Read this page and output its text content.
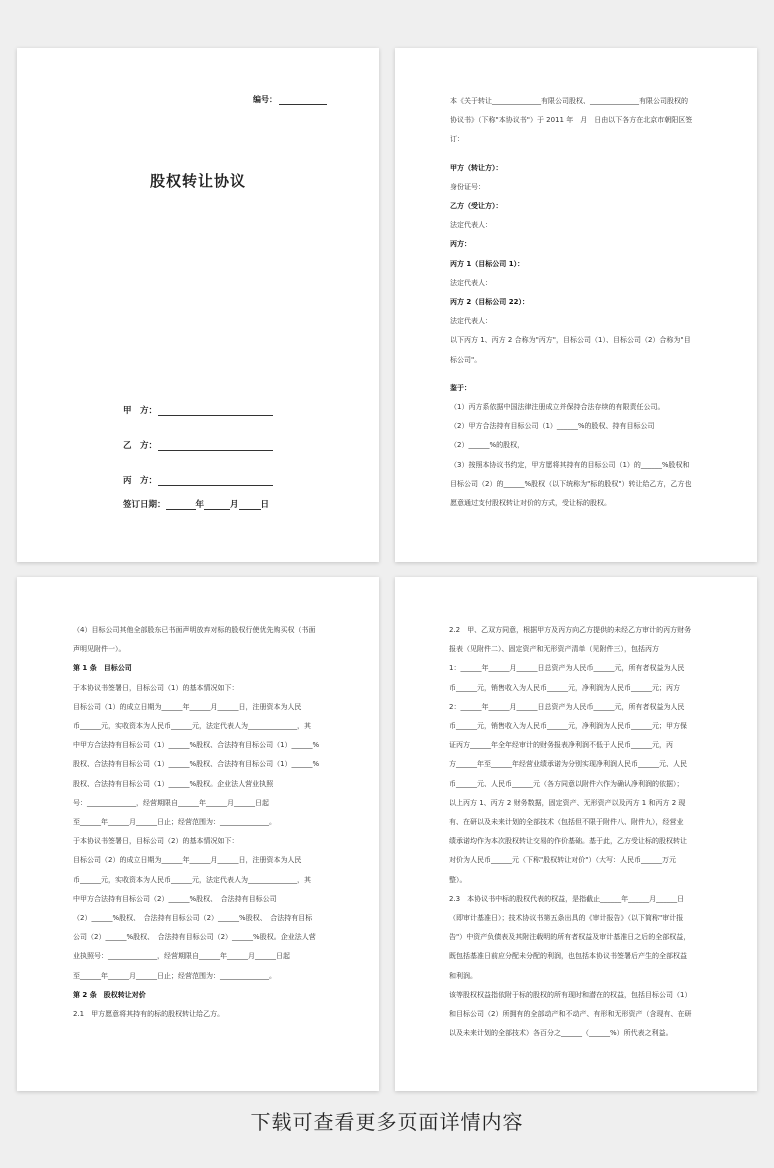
编号：
股权转让协议
甲　方：
乙　方：
丙　方：
签订日期：	年	月	日
本《关于转让______________有限公司股权、______________有限公司股权的
协议书》（下称"本协议书"）于 2011 年　月　日由以下各方在北京市朝阳区签
订：
甲方（转让方）：
身份证号：
乙方（受让方）：
法定代表人：
丙方：
丙方 1（目标公司 1）：
法定代表人：
丙方 2（目标公司 22）：
法定代表人：
以下丙方 1、丙方 2 合称为"丙方"，目标公司（1）、目标公司（2）合称为"目
标公司"。
鉴于：
（1）丙方系依据中国法律注册成立并保持合法存续的有限责任公司。
（2）甲方合法持有目标公司（1）______%的股权、持有目标公司
（2）______%的股权，
（3）按照本协议书约定，甲方愿将其持有的目标公司（1）的______%股权和
目标公司（2）的______%股权（以下统称为"标的股权"）转让给乙方，乙方也
愿意通过支付股权转让对价的方式，受让标的股权。
（4）目标公司其他全部股东已书面声明放弃对标的股权行使优先购买权（书面
声明见附件一）。
第 1 条　目标公司
于本协议书签署日，目标公司（1）的基本情况如下：
目标公司（1）的成立日期为______年______月______日，注册资本为人民
币______元，实收资本为人民币______元，法定代表人为______________，其
中甲方合法持有目标公司（1）______%股权、合法持有目标公司（1）______%
股权、合法持有目标公司（1）______%股权、合法持有目标公司（1）______%
股权、合法持有目标公司（1）______%股权。企业法人营业执照
号：______________，经营期限自______年______月______日起
至______年______月______日止；经营范围为：______________。
于本协议书签署日，目标公司（2）的基本情况如下：
目标公司（2）的成立日期为______年______月______日，注册资本为人民
币______元，实收资本为人民币______元，法定代表人为______________，其
中甲方合法持有目标公司（2）______%股权、　合法持有目标公司
（2）______%股权、　合法持有目标公司（2）______%股权、　合法持有目标
公司（2）______%股权、　合法持有目标公司（2）______%股权。企业法人营
业执照号：______________，经营期限自______年______月______日起
至______年______月______日止；经营范围为：______________。
第 2 条　股权转让对价
2.1　甲方愿意将其持有的标的股权转让给乙方。
2.2　甲、乙双方同意，根据甲方及丙方向乙方提供的未经乙方审计的丙方财务
报表（见附件二）、固定资产和无形资产清单（见附件三），包括丙方
1：______年______月______日总资产为人民币______元，所有者权益为人民
币______元，销售收入为人民币______元，净利润为人民币______元；丙方
2：______年______月______日总资产为人民币______元，所有者权益为人民
币______元，销售收入为人民币______元，净利润为人民币______元；甲方保
证丙方______年全年经审计的财务报表净利润不低于人民币______元，丙
方______年至______年经营业绩承诺为分别实现净利润人民币______元、人民
币______元、人民币______元（各方同意以附件六作为确认净利润的依据）；
以上丙方 1、丙方 2 财务数据，固定资产、无形资产以及丙方 1 和丙方 2 现
有、在研以及未来计划的全部技术（包括但不限于附件八、附件九），经营业
绩承诺均作为本次股权转让交易的作价基础。基于此，乙方受让标的股权转让
对价为人民币______元（下称"股权转让对价"）（大写：人民币______万元
整）。
2.3　本协议书中标的股权代表的权益，是指截止______年______月______日
（即审计基准日）；技术协议书第五条出具的《审计报告》（以下简称"审计报
告"）中资产负债表及其附注载明的所有者权益及审计基准日之后的全部权益，
既包括基准日前应分配未分配的利润，也包括本协议书签署后产生的全部权益
和利润。
该等股权权益指依附于标的股权的所有现时和潜在的权益，包括目标公司（1）
和目标公司（2）所拥有的全部动产和不动产、有形和无形资产（含现有、在研
以及未来计划的全部技术）各百分之______（______%）所代表之利益。
下载可查看更多页面详情内容
